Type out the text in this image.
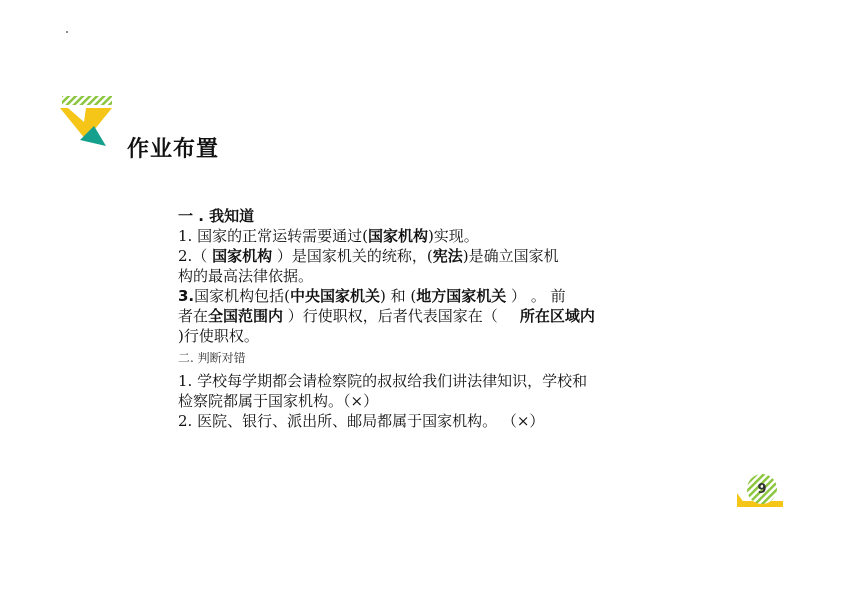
作业布置
一 . 我知道
1. 国家的正常运转需要通过(国家机构)实现。
2.（ 国家机构 ）是国家机关的统称，(宪法)是确立国家机
构的最高法律依据。
3.国家机构包括(中央国家机关) 和 (地方国家机关 ） 。 前
者在全国范围内 ）行使职权，后者代表国家在（ 所在区域内
)行使职权。
二. 判断对错
1. 学校每学期都会请检察院的叔叔给我们讲法律知识，学校和
检察院都属于国家机构。（×）
2. 医院、银行、派出所、邮局都属于国家机构。 （×）
9
